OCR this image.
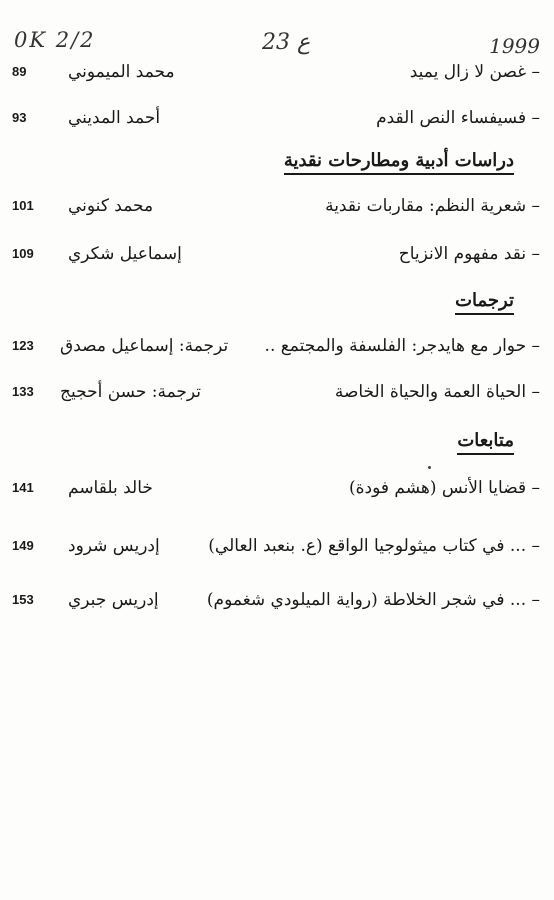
0K 2/2	23 ع	1999
– غصن لا زال يميد
محمد الميموني
89
– فسيفساء النص القدم
أحمد المديني
93
دراسات أدبية ومطارحات نقدية
– شعرية النظم: مقاربات نقدية
محمد كنوني
101
– نقد مفهوم الانزياح
إسماعيل شكري
109
ترجمات
– حوار مع هايدجر: الفلسفة والمجتمع ..
ترجمة: إسماعيل مصدق
123
– الحياة العمة والحياة الخاصة
ترجمة: حسن أحجيج
133
متابعات
– قضايا الأنس (هشم فودة)
خالد بلقاسم
141
– ... في كتاب ميثولوجيا الواقع (ع. بنعبد العالي)
إدريس شرود
149
– ... في شجر الخلاطة (رواية الميلودي شغموم)
إدريس جبري
153
